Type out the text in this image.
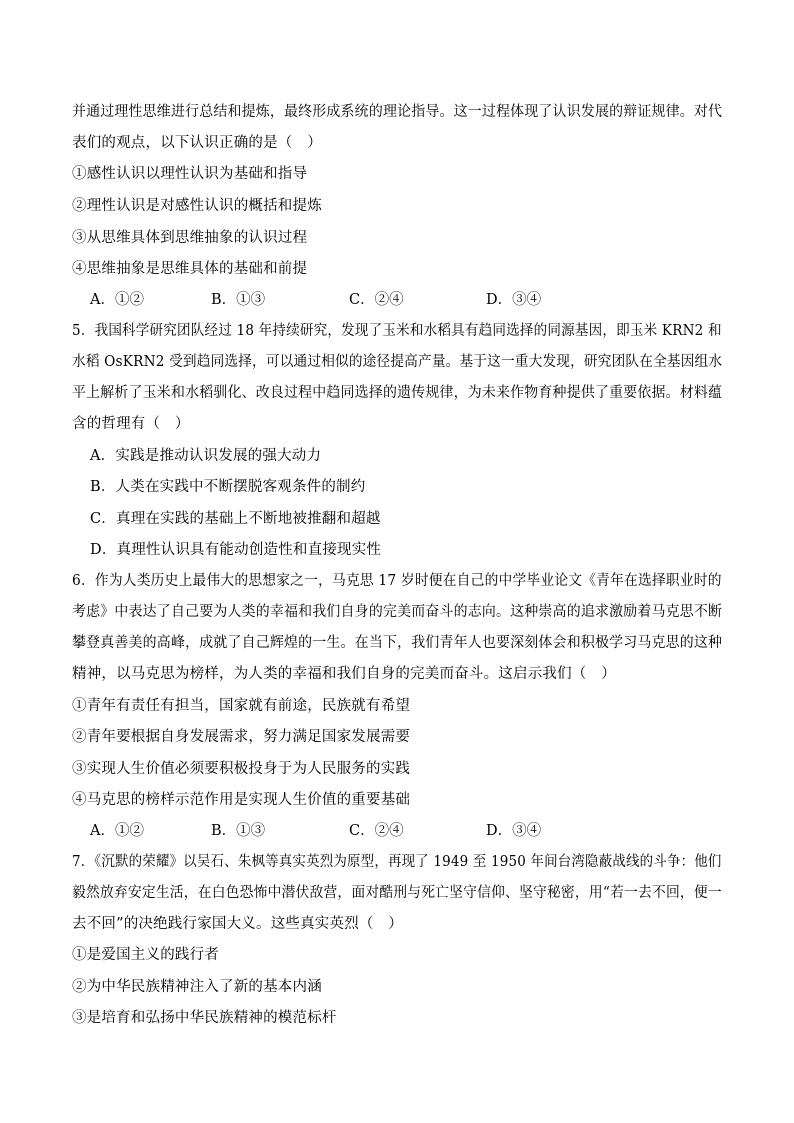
并通过理性思维进行总结和提炼，最终形成系统的理论指导。这一过程体现了认识发展的辩证规律。对代
表们的观点，以下认识正确的是（　）
①感性认识以理性认识为基础和指导
②理性认识是对感性认识的概括和提炼
③从思维具体到思维抽象的认识过程
④思维抽象是思维具体的基础和前提
A．①②	B．①③	C．②④	D．③④
5．我国科学研究团队经过 18 年持续研究，发现了玉米和水稻具有趋同选择的同源基因，即玉米 KRN2 和
水稻 OsKRN2 受到趋同选择，可以通过相似的途径提高产量。基于这一重大发现，研究团队在全基因组水
平上解析了玉米和水稻驯化、改良过程中趋同选择的遗传规律，为未来作物育种提供了重要依据。材料蕴
含的哲理有（　）
A．实践是推动认识发展的强大动力
B．人类在实践中不断摆脱客观条件的制约
C．真理在实践的基础上不断地被推翻和超越
D．真理性认识具有能动创造性和直接现实性
6．作为人类历史上最伟大的思想家之一，马克思 17 岁时便在自己的中学毕业论文《青年在选择职业时的
考虑》中表达了自己要为人类的幸福和我们自身的完美而奋斗的志向。这种崇高的追求激励着马克思不断
攀登真善美的高峰，成就了自己辉煌的一生。在当下，我们青年人也要深刻体会和积极学习马克思的这种
精神，以马克思为榜样，为人类的幸福和我们自身的完美而奋斗。这启示我们（　）
①青年有责任有担当，国家就有前途，民族就有希望
②青年要根据自身发展需求，努力满足国家发展需要
③实现人生价值必须要积极投身于为人民服务的实践
④马克思的榜样示范作用是实现人生价值的重要基础
A．①②	B．①③	C．②④	D．③④
7．《沉默的荣耀》以吴石、朱枫等真实英烈为原型，再现了 1949 至 1950 年间台湾隐蔽战线的斗争：他们
毅然放弃安定生活，在白色恐怖中潜伏敌营，面对酷刑与死亡坚守信仰、坚守秘密，用“若一去不回，便一
去不回”的决绝践行家国大义。这些真实英烈（　）
①是爱国主义的践行者
②为中华民族精神注入了新的基本内涵
③是培育和弘扬中华民族精神的模范标杆
